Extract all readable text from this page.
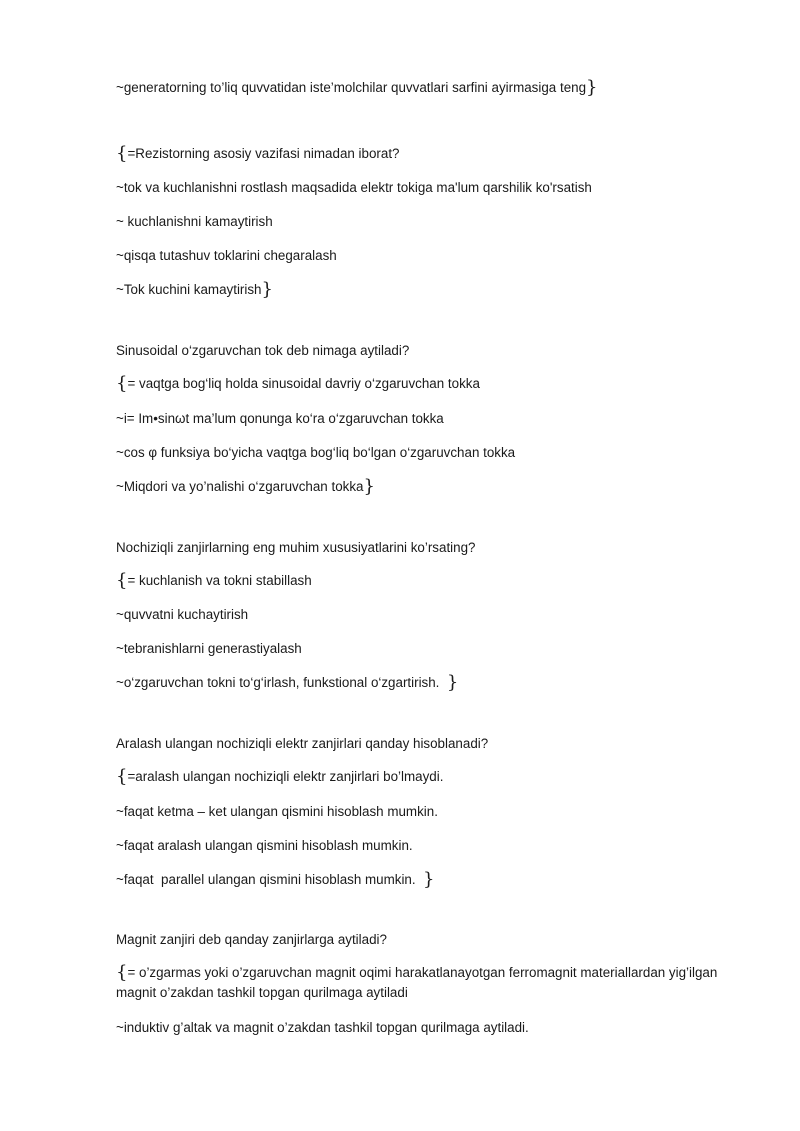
~generatorning to’liq quvvatidan iste’molchilar quvvatlari sarfini ayirmasiga teng}
{=Rezistorning asosiy vazifasi nimadan iborat?
~tok va kuchlanishni rostlash maqsadida elektr tokiga ma'lum qarshilik ko'rsatish
~ kuchlanishni kamaytirish
~qisqa tutashuv toklarini chegaralash
~Tok kuchini kamaytirish}
Sinusoidal o‘zgaruvchan tok deb nimaga aytiladi?
{= vaqtga bog‘liq holda sinusoidal davriy o‘zgaruvchan tokka
~i= Im•sinωt ma’lum qonunga ko‘ra o‘zgaruvchan tokka
~cos φ funksiya bo‘yicha vaqtga bog‘liq bo‘lgan o‘zgaruvchan tokka
~Miqdori va yo’nalishi o‘zgaruvchan tokka}
Nochiziqli zanjirlarning eng muhim xususiyatlarini ko’rsating?
{= kuchlanish va tokni stabillash
~quvvatni kuchaytirish
~tebranishlarni generastiyalash
~o‘zgaruvchan tokni to‘g‘irlash, funkstional o‘zgartirish.  }
Aralash ulangan nochiziqli elektr zanjirlari qanday hisoblanadi?
{=aralash ulangan nochiziqli elektr zanjirlari bo’lmaydi.
~faqat ketma – ket ulangan qismini hisoblash mumkin.
~faqat aralash ulangan qismini hisoblash mumkin.
~faqat  parallel ulangan qismini hisoblash mumkin.  }
Magnit zanjiri deb qanday zanjirlarga aytiladi?
{= o’zgarmas yoki o’zgaruvchan magnit oqimi harakatlanayotgan ferromagnit materiallardan yig’ilgan magnit o’zakdan tashkil topgan qurilmaga aytiladi
~induktiv g’altak va magnit o’zakdan tashkil topgan qurilmaga aytiladi.
